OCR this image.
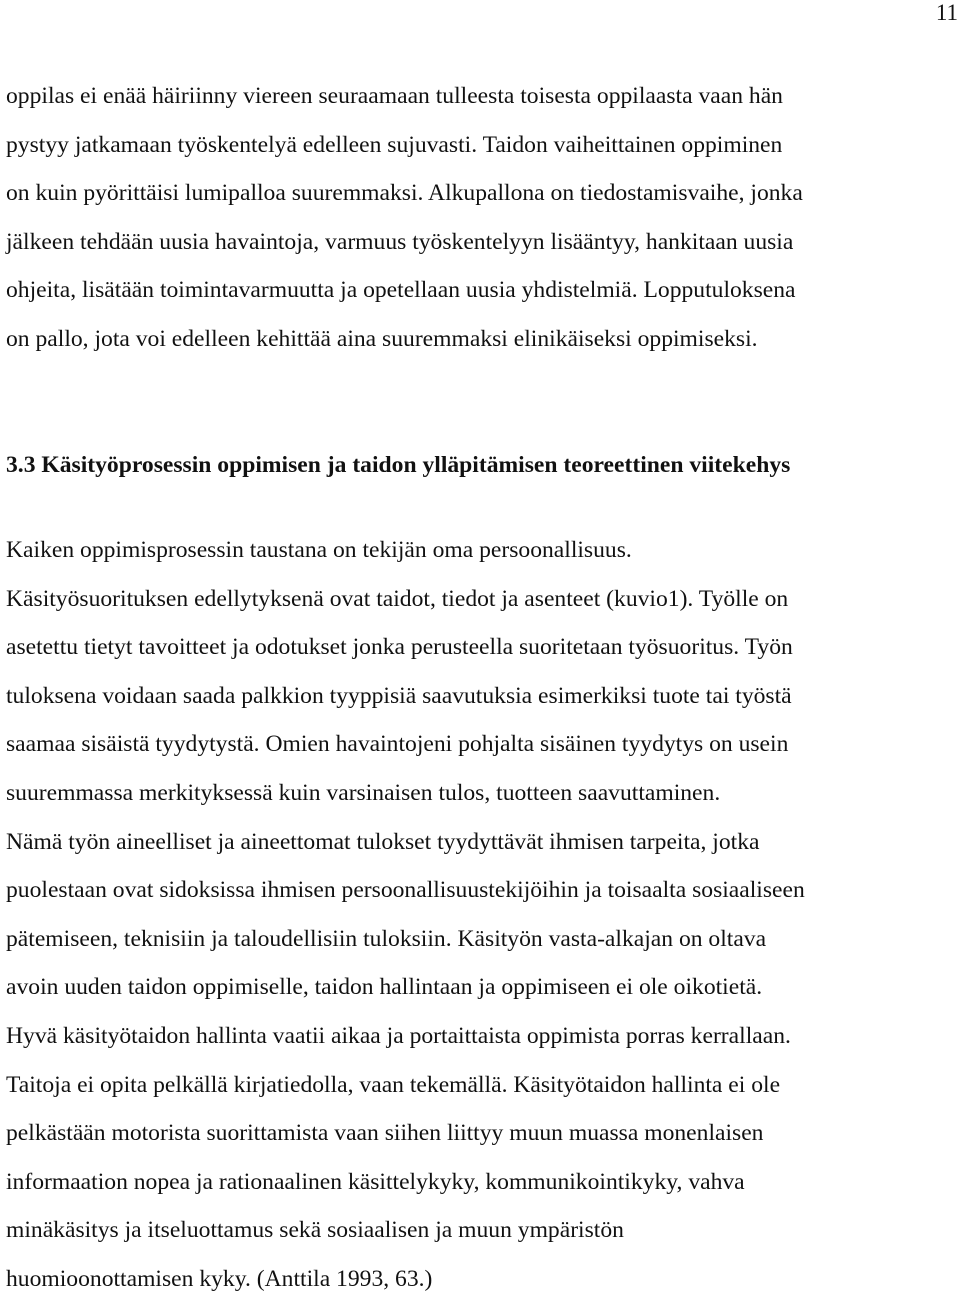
11

oppilas ei enää häiriinny viereen seuraamaan tulleesta toisesta oppilaasta vaan hän
pystyy jatkamaan työskentelyä edelleen sujuvasti. Taidon vaiheittainen oppiminen
on kuin pyörittäisi lumipalloa suuremmaksi. Alkupallona on tiedostamisvaihe, jonka
jälkeen tehdään uusia havaintoja, varmuus työskentelyyn lisääntyy, hankitaan uusia
ohjeita, lisätään toimintavarmuutta ja opetellaan uusia yhdistelmiä. Lopputuloksena
on pallo, jota voi edelleen kehittää aina suuremmaksi elinikäiseksi oppimiseksi.

3.3 Käsityöprosessin oppimisen ja taidon ylläpitämisen teoreettinen viitekehys

Kaiken oppimisprosessin taustana on tekijän oma persoonallisuus.
Käsityösuorituksen edellytyksenä ovat taidot, tiedot ja asenteet (kuvio1). Työlle on
asetettu tietyt tavoitteet ja odotukset jonka perusteella suoritetaan työsuoritus. Työn
tuloksena voidaan saada palkkion tyyppisiä saavutuksia esimerkiksi tuote tai työstä
saamaa sisäistä tyydytystä. Omien havaintojeni pohjalta sisäinen tyydytys on usein
suuremmassa merkityksessä kuin varsinaisen tulos, tuotteen saavuttaminen.
Nämä työn aineelliset ja aineettomat tulokset tyydyttävät ihmisen tarpeita, jotka
puolestaan ovat sidoksissa ihmisen persoonallisuustekijöihin ja toisaalta sosiaaliseen
pätemiseen, teknisiin ja taloudellisiin tuloksiin. Käsityön vasta-alkajan on oltava
avoin uuden taidon oppimiselle, taidon hallintaan ja oppimiseen ei ole oikotietä.
Hyvä käsityötaidon hallinta vaatii aikaa ja portaittaista oppimista porras kerrallaan.
Taitoja ei opita pelkällä kirjatiedolla, vaan tekemällä. Käsityötaidon hallinta ei ole
pelkästään motorista suorittamista vaan siihen liittyy muun muassa monenlaisen
informaation nopea ja rationaalinen käsittelykyky, kommunikointikyky, vahva
minäkäsitys ja itseluottamus sekä sosiaalisen ja muun ympäristön
huomioonottamisen kyky. (Anttila 1993, 63.)
